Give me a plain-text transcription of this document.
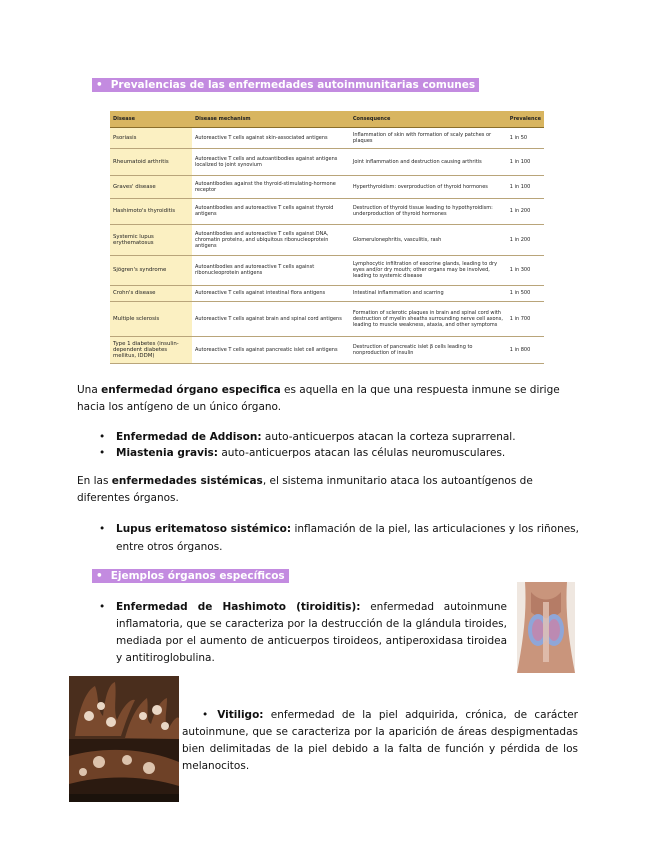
• Prevalencias de las enfermedades autoinmunitarias comunes
Disease	Disease mechanism	Consequence	Prevalence
Psoriasis	Autoreactive T cells against skin-associated antigens	Inflammation of skin with formation of scaly patches or plaques	1 in 50
Rheumatoid arthritis	Autoreactive T cells and autoantibodies against antigens localized to joint synovium	Joint inflammation and destruction causing arthritis	1 in 100
Graves' disease	Autoantibodies against the thyroid-stimulating-hormone receptor	Hyperthyroidism: overproduction of thyroid hormones	1 in 100
Hashimoto's thyroiditis	Autoantibodies and autoreactive T cells against thyroid antigens	Destruction of thyroid tissue leading to hypothyroidism: underproduction of thyroid hormones	1 in 200
Systemic lupus erythematosus	Autoantibodies and autoreactive T cells against DNA, chromatin proteins, and ubiquitous ribonucleoprotein antigens	Glomerulonephritis, vasculitis, rash	1 in 200
Sjögren's syndrome	Autoantibodies and autoreactive T cells against ribonucleoprotein antigens	Lymphocytic infiltration of exocrine glands, leading to dry eyes and/or dry mouth; other organs may be involved, leading to systemic disease	1 in 300
Crohn's disease	Autoreactive T cells against intestinal flora antigens	Intestinal inflammation and scarring	1 in 500
Multiple sclerosis	Autoreactive T cells against brain and spinal cord antigens	Formation of sclerotic plaques in brain and spinal cord with destruction of myelin sheaths surrounding nerve cell axons, leading to muscle weakness, ataxia, and other symptoms	1 in 700
Type 1 diabetes (insulin-dependent diabetes mellitus, IDDM)	Autoreactive T cells against pancreatic islet cell antigens	Destruction of pancreatic islet β cells leading to nonproduction of insulin	1 in 800

Una enfermedad órgano especifica es aquella en la que una respuesta inmune se dirige hacia los antígeno de un único órgano.

• Enfermedad de Addison: auto-anticuerpos atacan la corteza suprarrenal.
• Miastenia gravis: auto-anticuerpos atacan las células neuromusculares.

En las enfermedades sistémicas, el sistema inmunitario ataca los autoantígenos de diferentes órganos.

• Lupus eritematoso sistémico: inflamación de la piel, las articulaciones y los riñones, entre otros órganos.
• Ejemplos órganos específicos
• Enfermedad de Hashimoto (tiroiditis): enfermedad autoinmune inflamatoria, que se caracteriza por la destrucción de la glándula tiroides, mediada por el aumento de anticuerpos tiroideos, antiperoxidasa tiroidea y antitiroglobulina.
• Vitiligo: enfermedad de la piel adquirida, crónica, de carácter autoinmune, que se caracteriza por la aparición de áreas despigmentadas bien delimitadas de la piel debido a la falta de función y pérdida de los melanocitos.
